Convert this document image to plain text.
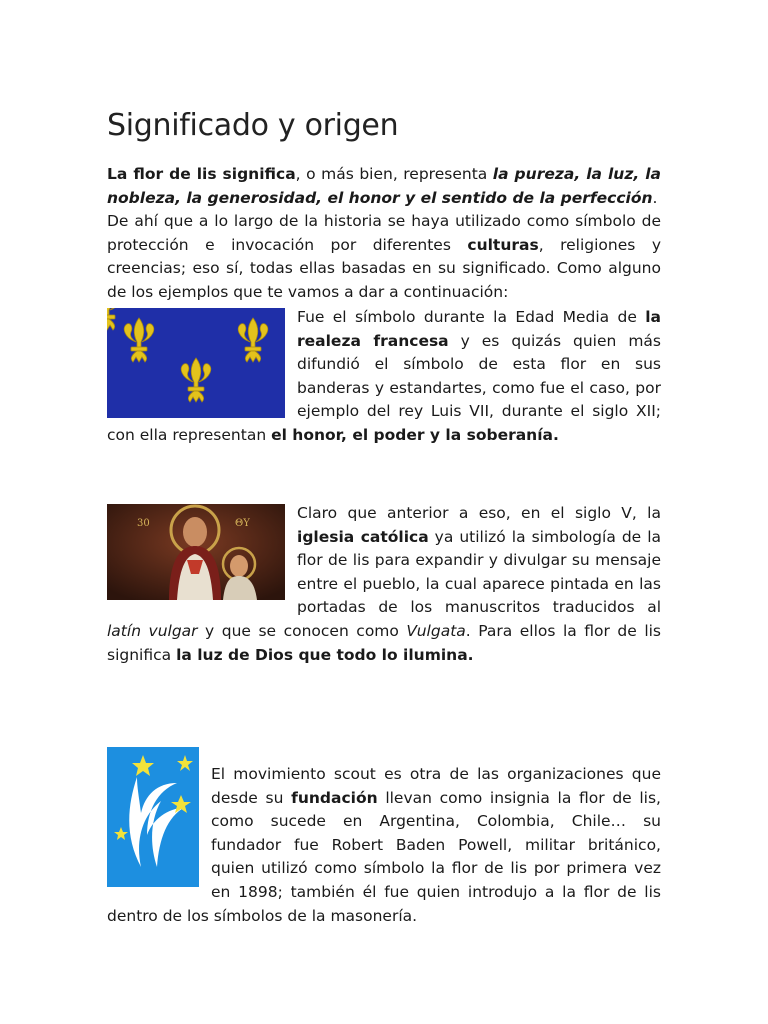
Significado y origen

La flor de lis significa, o más bien, representa la pureza, la luz, la nobleza, la generosidad, el honor y el sentido de la perfección.
De ahí que a lo largo de la historia se haya utilizado como símbolo de protección e invocación por diferentes culturas, religiones y creencias; eso sí, todas ellas basadas en su significado. Como alguno de los ejemplos que te vamos a dar a continuación:

Fue el símbolo durante la Edad Media de la realeza francesa y es quizás quien más difundió el símbolo de esta flor en sus banderas y estandartes, como fue el caso, por ejemplo del rey Luis VII, durante el siglo XII; con ella representan el honor, el poder y la soberanía.

30	ΘΥ
Claro que anterior a eso, en el siglo V, la iglesia católica ya utilizó la simbología de la flor de lis para expandir y divulgar su mensaje entre el pueblo, la cual aparece pintada en las portadas de los manuscritos traducidos al latín vulgar y que se conocen como Vulgata. Para ellos la flor de lis significa la luz de Dios que todo lo ilumina.

El movimiento scout es otra de las organizaciones que desde su fundación llevan como insignia la flor de lis, como sucede en Argentina, Colombia, Chile… su fundador fue Robert Baden Powell, militar británico, quien utilizó como símbolo la flor de lis por primera vez en 1898; también él fue quien introdujo a la flor de lis dentro de los símbolos de la masonería.
